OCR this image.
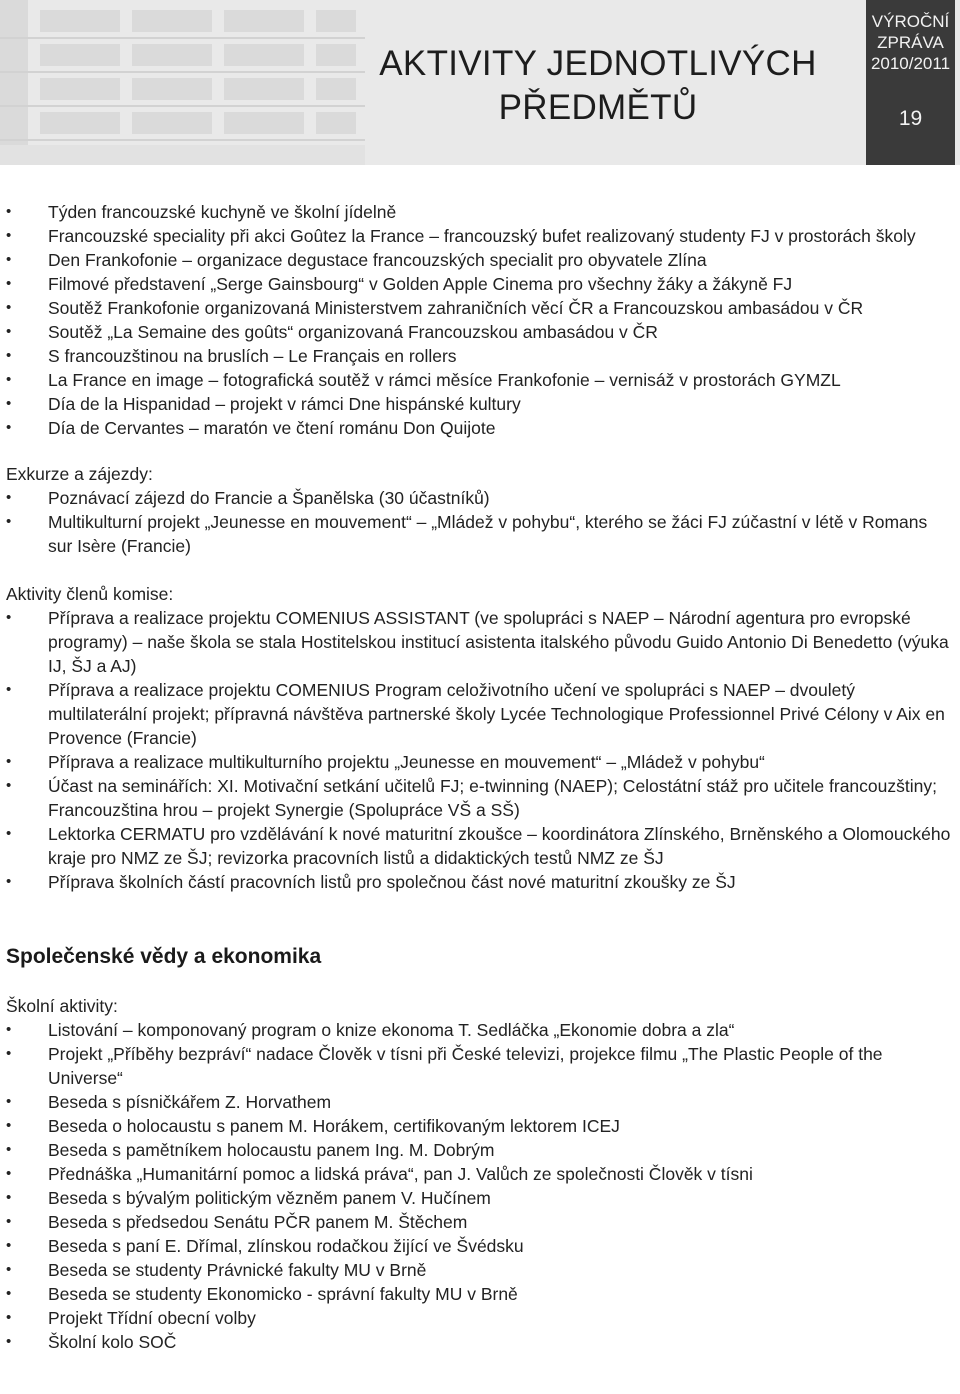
AKTIVITY JEDNOTLIVÝCH PŘEDMĚTŮ
VÝROČNÍ
ZPRÁVA
2010/2011
19
• Týden francouzské kuchyně ve školní jídelně
• Francouzské speciality při akci Goûtez la France – francouzský bufet realizovaný studenty FJ v prostorách školy
• Den Frankofonie – organizace degustace francouzských specialit pro obyvatele Zlína
• Filmové představení „Serge Gainsbourg“ v Golden Apple Cinema pro všechny žáky a žákyně FJ
• Soutěž Frankofonie organizovaná Ministerstvem zahraničních věcí ČR a Francouzskou ambasádou v ČR
• Soutěž „La Semaine des goûts“ organizovaná Francouzskou ambasádou v ČR
• S francouzštinou na bruslích – Le Français en rollers
• La France en image – fotografická soutěž v rámci měsíce Frankofonie – vernisáž v prostorách GYMZL
• Día de la Hispanidad – projekt v rámci Dne hispánské kultury
• Día de Cervantes – maratón ve čtení románu Don Quijote

Exkurze a zájezdy:

• Poznávací zájezd do Francie a Španělska (30 účastníků)
• Multikulturní projekt „Jeunesse en mouvement“ – „Mládež v pohybu“, kterého se žáci FJ zúčastní v létě v Romans sur Isère (Francie)

Aktivity členů komise:

• Příprava a realizace projektu COMENIUS ASSISTANT (ve spolupráci s NAEP – Národní agentura pro evropské programy) – naše škola se stala Hostitelskou institucí asistenta italského původu Guido Antonio Di Benedetto (výuka IJ, ŠJ a AJ)
• Příprava a realizace projektu COMENIUS Program celoživotního učení ve spolupráci s NAEP – dvouletý multilaterální projekt; přípravná návštěva partnerské školy Lycée Technologique Professionnel Privé Célony v Aix en Provence (Francie)
• Příprava a realizace multikulturního projektu „Jeunesse en mouvement“ – „Mládež v pohybu“
• Účast na seminářích: XI. Motivační setkání učitelů FJ; e-twinning (NAEP); Celostátní stáž pro učitele francouzštiny; Francouzština hrou – projekt Synergie (Spolupráce VŠ a SŠ)
• Lektorka CERMATU pro vzdělávání k nové maturitní zkoušce – koordinátora Zlínského, Brněnského a Olomouckého kraje pro NMZ ze ŠJ; revizorka pracovních listů a didaktických testů NMZ ze ŠJ
• Příprava školních částí pracovních listů pro společnou část nové maturitní zkoušky ze ŠJ
Společenské vědy a ekonomika

Školní aktivity:

• Listování – komponovaný program o knize ekonoma T. Sedláčka „Ekonomie dobra a zla“
• Projekt „Příběhy bezpráví“ nadace Člověk v tísni při České televizi, projekce filmu „The Plastic People of the Universe“
• Beseda s písničkářem Z. Horvathem
• Beseda o holocaustu s panem M. Horákem, certifikovaným lektorem ICEJ
• Beseda s pamětníkem holocaustu panem Ing. M. Dobrým
• Přednáška „Humanitární pomoc a lidská práva“, pan J. Valůch ze společnosti Člověk v tísni
• Beseda s bývalým politickým vězněm panem V. Hučínem
• Beseda s předsedou Senátu PČR panem M. Štěchem
• Beseda s paní E. Dřímal, zlínskou rodačkou žijící ve Švédsku
• Beseda se studenty Právnické fakulty MU v Brně
• Beseda se studenty Ekonomicko - správní fakulty MU v Brně
• Projekt Třídní obecní volby
• Školní kolo SOČ
